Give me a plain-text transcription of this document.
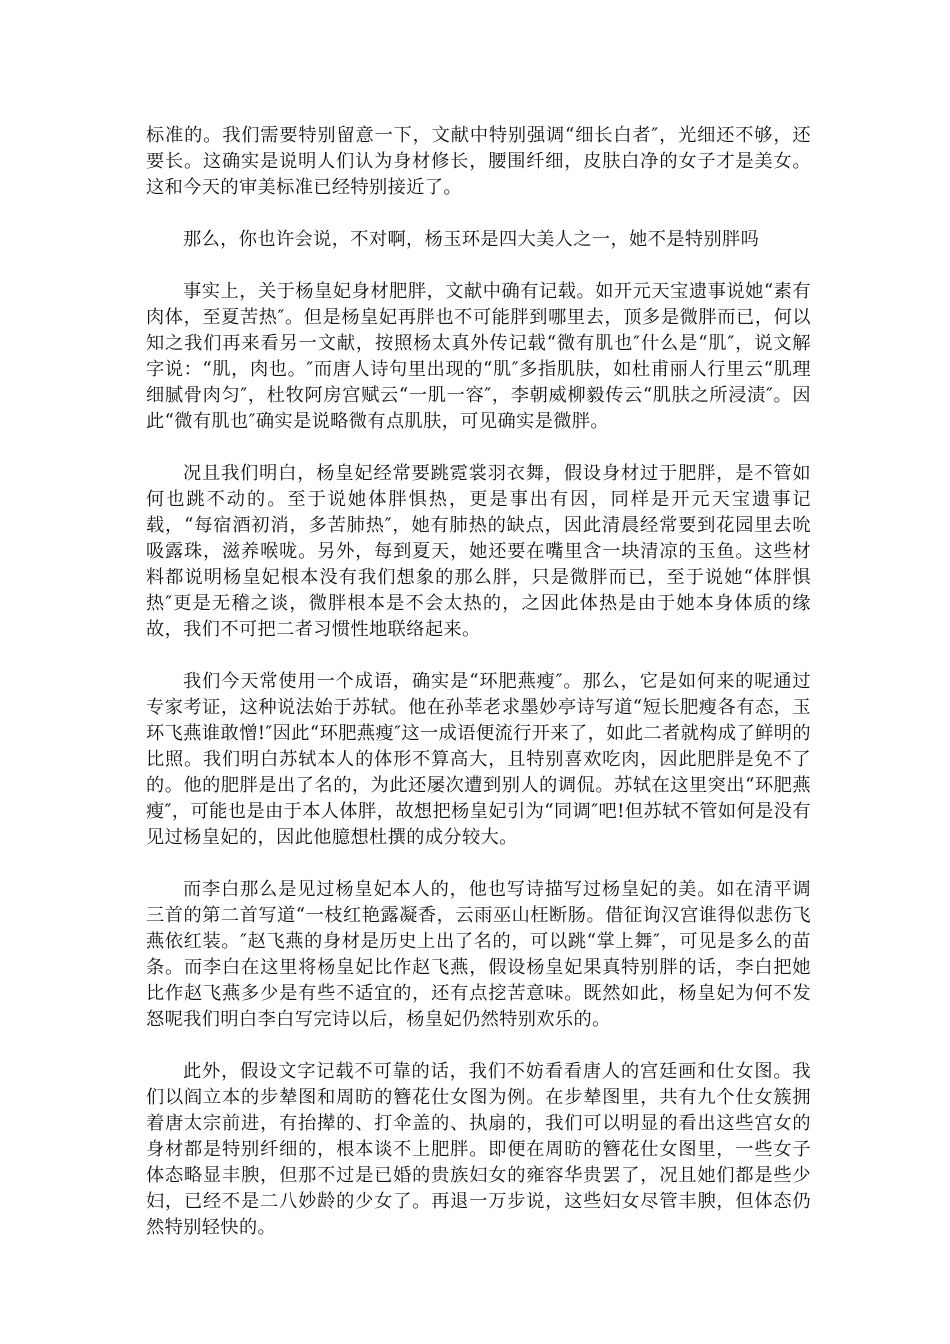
标准的。我们需要特别留意一下，文献中特别强调“细长白者″，光细还不够，还要长。这确实是说明人们认为身材修长，腰围纤细，皮肤白净的女子才是美女。这和今天的审美标准已经特别接近了。

那么，你也许会说，不对啊，杨玉环是四大美人之一，她不是特别胖吗

事实上，关于杨皇妃身材肥胖，文献中确有记载。如开元天宝遗事说她“素有肉体，至夏苦热″。但是杨皇妃再胖也不可能胖到哪里去，顶多是微胖而已，何以知之我们再来看另一文献，按照杨太真外传记载“微有肌也″什么是“肌″，说文解字说：“肌，肉也。″而唐人诗句里出现的“肌″多指肌肤，如杜甫丽人行里云“肌理细腻骨肉匀″，杜牧阿房宫赋云“一肌一容″，李朝威柳毅传云“肌肤之所浸渍″。因此“微有肌也″确实是说略微有点肌肤，可见确实是微胖。

况且我们明白，杨皇妃经常要跳霓裳羽衣舞，假设身材过于肥胖，是不管如何也跳不动的。至于说她体胖惧热，更是事出有因，同样是开元天宝遗事记载，“每宿酒初消，多苦肺热″，她有肺热的缺点，因此清晨经常要到花园里去吮吸露珠，滋养喉咙。另外，每到夏天，她还要在嘴里含一块清凉的玉鱼。这些材料都说明杨皇妃根本没有我们想象的那么胖，只是微胖而已，至于说她“体胖惧热″更是无稽之谈，微胖根本是不会太热的，之因此体热是由于她本身体质的缘故，我们不可把二者习惯性地联络起来。

我们今天常使用一个成语，确实是“环肥燕瘦″。那么，它是如何来的呢通过专家考证，这种说法始于苏轼。他在孙莘老求墨妙亭诗写道“短长肥瘦各有态，玉环飞燕谁敢憎!″因此“环肥燕瘦″这一成语便流行开来了，如此二者就构成了鲜明的比照。我们明白苏轼本人的体形不算高大，且特别喜欢吃肉，因此肥胖是免不了的。他的肥胖是出了名的，为此还屡次遭到别人的调侃。苏轼在这里突出“环肥燕瘦″，可能也是由于本人体胖，故想把杨皇妃引为“同调″吧!但苏轼不管如何是没有见过杨皇妃的，因此他臆想杜撰的成分较大。

而李白那么是见过杨皇妃本人的，他也写诗描写过杨皇妃的美。如在清平调三首的第二首写道“一枝红艳露凝香，云雨巫山枉断肠。借征询汉宫谁得似悲伤飞燕依红装。″赵飞燕的身材是历史上出了名的，可以跳“掌上舞″，可见是多么的苗条。而李白在这里将杨皇妃比作赵飞燕，假设杨皇妃果真特别胖的话，李白把她比作赵飞燕多少是有些不适宜的，还有点挖苦意味。既然如此，杨皇妃为何不发怒呢我们明白李白写完诗以后，杨皇妃仍然特别欢乐的。

此外，假设文字记载不可靠的话，我们不妨看看唐人的宫廷画和仕女图。我们以阎立本的步辇图和周昉的簪花仕女图为例。在步辇图里，共有九个仕女簇拥着唐太宗前进，有抬撵的、打伞盖的、执扇的，我们可以明显的看出这些宫女的身材都是特别纤细的，根本谈不上肥胖。即便在周昉的簪花仕女图里，一些女子体态略显丰腴，但那不过是已婚的贵族妇女的雍容华贵罢了，况且她们都是些少妇，已经不是二八妙龄的少女了。再退一万步说，这些妇女尽管丰腴，但体态仍然特别轻快的。
